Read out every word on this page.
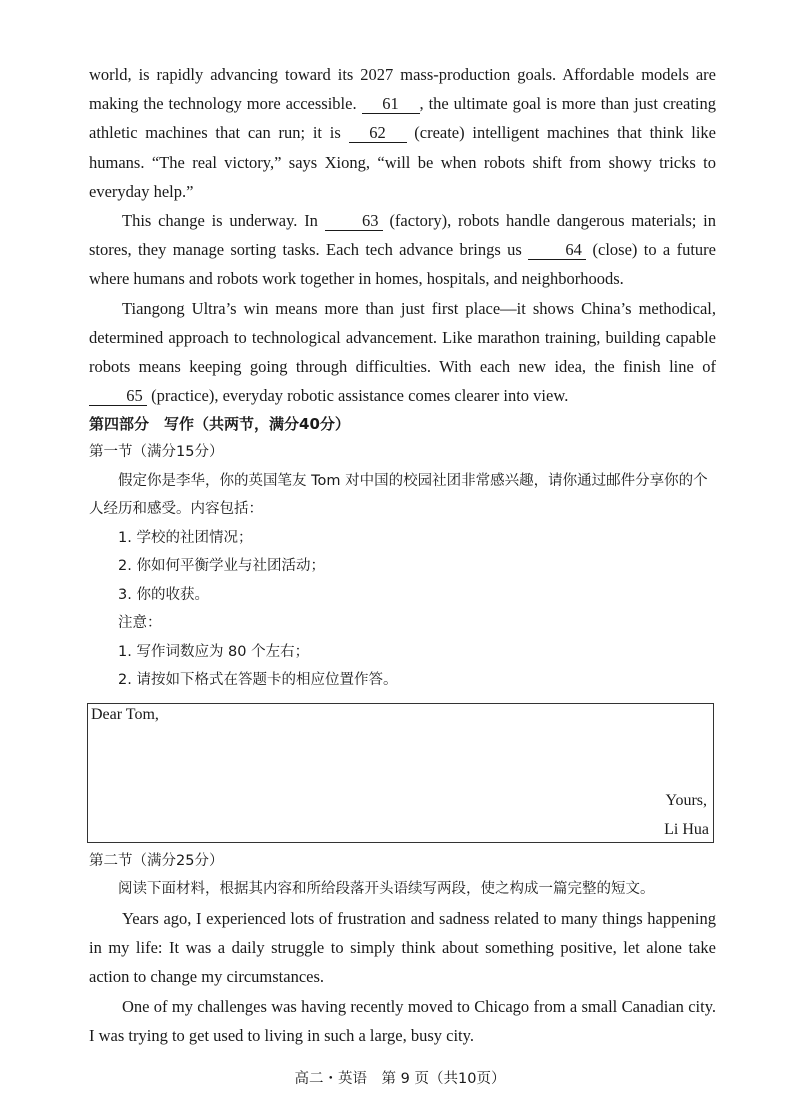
world, is rapidly advancing toward its 2027 mass-production goals. Affordable models are making the technology more accessible. 61 , the ultimate goal is more than just creating athletic machines that can run; it is 62 (create) intelligent machines that think like humans. “The real victory,” says Xiong, “will be when robots shift from showy tricks to everyday help.”

This change is underway. In 63 (factory), robots handle dangerous materials; in stores, they manage sorting tasks. Each tech advance brings us 64 (close) to a future where humans and robots work together in homes, hospitals, and neighborhoods.

Tiangong Ultra’s win means more than just first place—it shows China’s methodical, determined approach to technological advancement. Like marathon training, building capable robots means keeping going through difficulties. With each new idea, the finish line of 65 (practice), everyday robotic assistance comes clearer into view.

第四部分　写作（共两节，满分40分）

第一节（满分15分）

假定你是李华，你的英国笔友 Tom 对中国的校园社团非常感兴趣，请你通过邮件分享你的个人经历和感受。内容包括：

1. 学校的社团情况；

2. 你如何平衡学业与社团活动；

3. 你的收获。

注意：

1. 写作词数应为 80 个左右；

2. 请按如下格式在答题卡的相应位置作答。

Dear Tom,
Yours,
Li Hua

第二节（满分25分）

阅读下面材料，根据其内容和所给段落开头语续写两段，使之构成一篇完整的短文。

Years ago, I experienced lots of frustration and sadness related to many things happening in my life: It was a daily struggle to simply think about something positive, let alone take action to change my circumstances.

One of my challenges was having recently moved to Chicago from a small Canadian city. I was trying to get used to living in such a large, busy city.

高二・英语　第 9 页（共10页）
